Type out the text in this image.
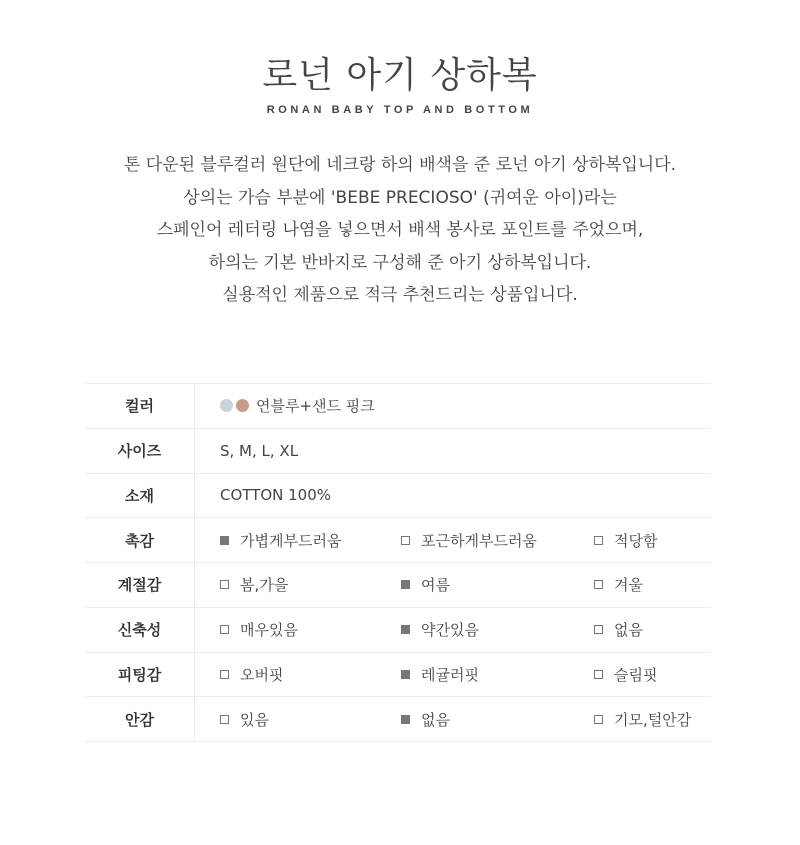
로넌 아기 상하복
RONAN BABY TOP AND BOTTOM
톤 다운된 블루컬러 원단에 네크랑 하의 배색을 준 로넌 아기 상하복입니다.
상의는 가슴 부분에 'BEBE PRECIOSO' (귀여운 아이)라는
스페인어 레터링 나염을 넣으면서 배색 봉사로 포인트를 주었으며,
하의는 기본 반바지로 구성해 준 아기 상하복입니다.
실용적인 제품으로 적극 추천드리는 상품입니다.
컬러	연블루+샌드 핑크

사이즈	S, M, L, XL
소재	COTTON 100%
촉감	가볍게부드러움 포근하게부드러움 적당함

계절감	봄,가을 여름 겨울

신축성	매우있음 약간있음 없음

피팅감	오버핏 레귤러핏 슬림핏

안감	있음 없음 기모,털안감
